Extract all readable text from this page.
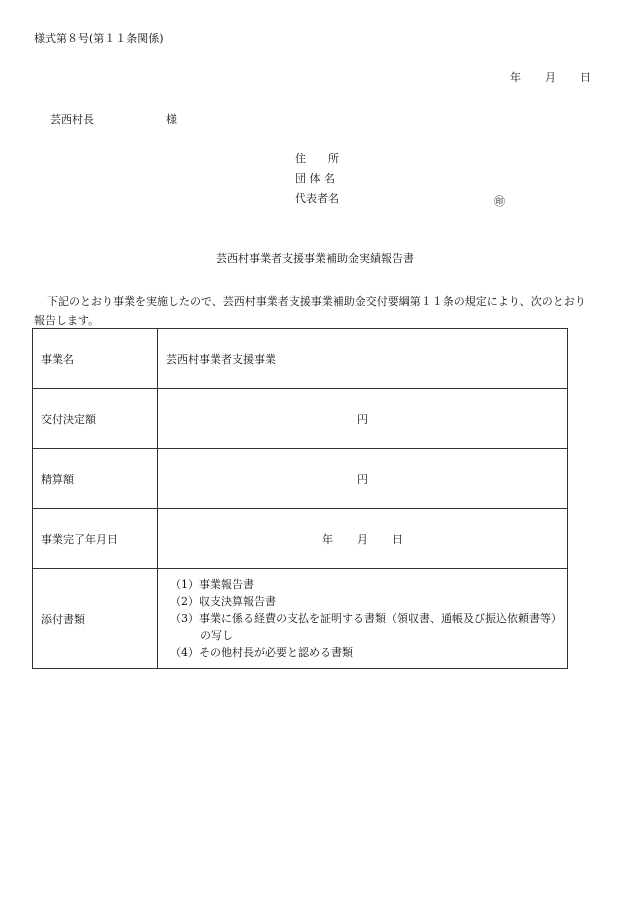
様式第８号(第１１条関係)
年 月 日
芸西村長	様
住　　所
団 体 名
代表者名	㊞
芸西村事業者支援事業補助金実績報告書
下記のとおり事業を実施したので、芸西村事業者支援事業補助金交付要綱第１１条の規定により、次のとおり報告します。
事業名	芸西村事業者支援事業
交付決定額	円
精算額	円
事業完了年月日	年 月 日
添付書類	（1）事業報告書
（2）収支決算報告書
（3）事業に係る経費の支払を証明する書類（領収書、通帳及び振込依頼書等）
の写し
（4）その他村長が必要と認める書類
